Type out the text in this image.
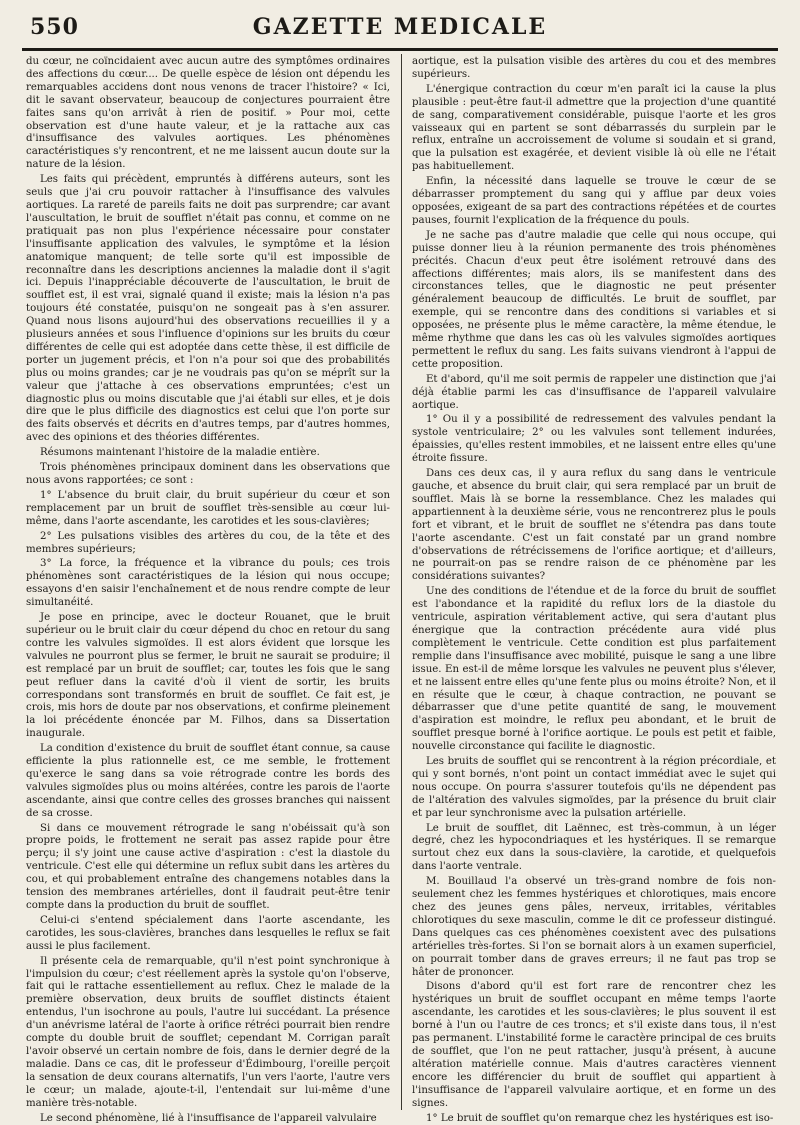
550	GAZETTE MEDICALE

du cœur, ne coïncidaient avec aucun autre des symptômes ordinaires des affections du cœur.... De quelle espèce de lésion ont dépendu les remarquables accidens dont nous venons de tracer l'histoire? « Ici, dit le savant observateur, beaucoup de conjectures pourraient être faites sans qu'on arrivât à rien de positif. » Pour moi, cette observation est d'une haute valeur, et je la rattache aux cas d'insuffisance des valvules aortiques. Les phénomènes caractéristiques s'y rencontrent, et ne me laissent aucun doute sur la nature de la lésion.

Les faits qui précèdent, empruntés à différens auteurs, sont les seuls que j'ai cru pouvoir rattacher à l'insuffisance des valvules aortiques. La rareté de pareils faits ne doit pas surprendre; car avant l'auscultation, le bruit de soufflet n'était pas connu, et comme on ne pratiquait pas non plus l'expérience nécessaire pour constater l'insuffisante application des valvules, le symptôme et la lésion anatomique manquent; de telle sorte qu'il est impossible de reconnaître dans les descriptions anciennes la maladie dont il s'agit ici. Depuis l'inappréciable découverte de l'auscultation, le bruit de soufflet est, il est vrai, signalé quand il existe; mais la lésion n'a pas toujours été constatée, puisqu'on ne songeait pas à s'en assurer. Quand nous lisons aujourd'hui des observations recueillies il y a plusieurs années et sous l'influence d'opinions sur les bruits du cœur différentes de celle qui est adoptée dans cette thèse, il est difficile de porter un jugement précis, et l'on n'a pour soi que des probabilités plus ou moins grandes; car je ne voudrais pas qu'on se méprît sur la valeur que j'attache à ces observations empruntées; c'est un diagnostic plus ou moins discutable que j'ai établi sur elles, et je dois dire que le plus difficile des diagnostics est celui que l'on porte sur des faits observés et décrits en d'autres temps, par d'autres hommes, avec des opinions et des théories différentes.

Résumons maintenant l'histoire de la maladie entière.

Trois phénomènes principaux dominent dans les observations que nous avons rapportées; ce sont :

1° L'absence du bruit clair, du bruit supérieur du cœur et son remplacement par un bruit de soufflet très-sensible au cœur lui-même, dans l'aorte ascendante, les carotides et les sous-clavières;

2° Les pulsations visibles des artères du cou, de la tête et des membres supérieurs;

3° La force, la fréquence et la vibrance du pouls; ces trois phénomènes sont caractéristiques de la lésion qui nous occupe; essayons d'en saisir l'enchaînement et de nous rendre compte de leur simultanéité.

Je pose en principe, avec le docteur Rouanet, que le bruit supérieur ou le bruit clair du cœur dépend du choc en retour du sang contre les valvules sigmoïdes. Il est alors évident que lorsque les valvules ne pourront plus se fermer, le bruit ne saurait se produire; il est remplacé par un bruit de soufflet; car, toutes les fois que le sang peut refluer dans la cavité d'où il vient de sortir, les bruits correspondans sont transformés en bruit de soufflet. Ce fait est, je crois, mis hors de doute par nos observations, et confirme pleinement la loi précédente énoncée par M. Filhos, dans sa Dissertation inaugurale.

La condition d'existence du bruit de soufflet étant connue, sa cause efficiente la plus rationnelle est, ce me semble, le frottement qu'exerce le sang dans sa voie rétrograde contre les bords des valvules sigmoïdes plus ou moins altérées, contre les parois de l'aorte ascendante, ainsi que contre celles des grosses branches qui naissent de sa crosse.

Si dans ce mouvement rétrograde le sang n'obéissait qu'à son propre poids, le frottement ne serait pas assez rapide pour être perçu; il s'y joint une cause active d'aspiration : c'est la diastole du ventricule. C'est elle qui détermine un reflux subit dans les artères du cou, et qui probablement entraîne des changemens notables dans la tension des membranes artérielles, dont il faudrait peut-être tenir compte dans la production du bruit de soufflet.

Celui-ci s'entend spécialement dans l'aorte ascendante, les carotides, les sous-clavières, branches dans lesquelles le reflux se fait aussi le plus facilement.

Il présente cela de remarquable, qu'il n'est point synchronique à l'impulsion du cœur; c'est réellement après la systole qu'on l'observe, fait qui le rattache essentiellement au reflux. Chez le malade de la première observation, deux bruits de soufflet distincts étaient entendus, l'un isochrone au pouls, l'autre lui succédant. La présence d'un anévrisme latéral de l'aorte à orifice rétréci pourrait bien rendre compte du double bruit de soufflet; cependant M. Corrigan paraît l'avoir observé un certain nombre de fois, dans le dernier degré de la maladie. Dans ce cas, dit le professeur d'Édimbourg, l'oreille perçoit la sensation de deux courans alternatifs, l'un vers l'aorte, l'autre vers le cœur; un malade, ajoute-t-il, l'entendait sur lui-même d'une manière très-notable.

Le second phénomène, lié à l'insuffisance de l'appareil valvulaire

aortique, est la pulsation visible des artères du cou et des membres supérieurs.

L'énergique contraction du cœur m'en paraît ici la cause la plus plausible : peut-être faut-il admettre que la projection d'une quantité de sang, comparativement considérable, puisque l'aorte et les gros vaisseaux qui en partent se sont débarrassés du surplein par le reflux, entraîne un accroissement de volume si soudain et si grand, que la pulsation est exagérée, et devient visible là où elle ne l'était pas habituellement.

Enfin, la nécessité dans laquelle se trouve le cœur de se débarrasser promptement du sang qui y afflue par deux voies opposées, exigeant de sa part des contractions répétées et de courtes pauses, fournit l'explication de la fréquence du pouls.

Je ne sache pas d'autre maladie que celle qui nous occupe, qui puisse donner lieu à la réunion permanente des trois phénomènes précités. Chacun d'eux peut être isolément retrouvé dans des affections différentes; mais alors, ils se manifestent dans des circonstances telles, que le diagnostic ne peut présenter généralement beaucoup de difficultés. Le bruit de soufflet, par exemple, qui se rencontre dans des conditions si variables et si opposées, ne présente plus le même caractère, la même étendue, le même rhythme que dans les cas où les valvules sigmoïdes aortiques permettent le reflux du sang. Les faits suivans viendront à l'appui de cette proposition.

Et d'abord, qu'il me soit permis de rappeler une distinction que j'ai déjà établie parmi les cas d'insuffisance de l'appareil valvulaire aortique.

1° Ou il y a possibilité de redressement des valvules pendant la systole ventriculaire; 2° ou les valvules sont tellement indurées, épaissies, qu'elles restent immobiles, et ne laissent entre elles qu'une étroite fissure.

Dans ces deux cas, il y aura reflux du sang dans le ventricule gauche, et absence du bruit clair, qui sera remplacé par un bruit de soufflet. Mais là se borne la ressemblance. Chez les malades qui appartiennent à la deuxième série, vous ne rencontrerez plus le pouls fort et vibrant, et le bruit de soufflet ne s'étendra pas dans toute l'aorte ascendante. C'est un fait constaté par un grand nombre d'observations de rétrécissemens de l'orifice aortique; et d'ailleurs, ne pourrait-on pas se rendre raison de ce phénomène par les considérations suivantes?

Une des conditions de l'étendue et de la force du bruit de soufflet est l'abondance et la rapidité du reflux lors de la diastole du ventricule, aspiration véritablement active, qui sera d'autant plus énergique que la contraction précédente aura vidé plus complètement le ventricule. Cette condition est plus parfaitement remplie dans l'insuffisance avec mobilité, puisque le sang a une libre issue. En est-il de même lorsque les valvules ne peuvent plus s'élever, et ne laissent entre elles qu'une fente plus ou moins étroite? Non, et il en résulte que le cœur, à chaque contraction, ne pouvant se débarrasser que d'une petite quantité de sang, le mouvement d'aspiration est moindre, le reflux peu abondant, et le bruit de soufflet presque borné à l'orifice aortique. Le pouls est petit et faible, nouvelle circonstance qui facilite le diagnostic.

Les bruits de soufflet qui se rencontrent à la région précordiale, et qui y sont bornés, n'ont point un contact immédiat avec le sujet qui nous occupe. On pourra s'assurer toutefois qu'ils ne dépendent pas de l'altération des valvules sigmoïdes, par la présence du bruit clair et par leur synchronisme avec la pulsation artérielle.

Le bruit de soufflet, dit Laënnec, est très-commun, à un léger degré, chez les hypocondriaques et les hystériques. Il se remarque surtout chez eux dans la sous-clavière, la carotide, et quelquefois dans l'aorte ventrale.

M. Bouillaud l'a observé un très-grand nombre de fois non-seulement chez les femmes hystériques et chlorotiques, mais encore chez des jeunes gens pâles, nerveux, irritables, véritables chlorotiques du sexe masculin, comme le dit ce professeur distingué. Dans quelques cas ces phénomènes coexistent avec des pulsations artérielles très-fortes. Si l'on se bornait alors à un examen superficiel, on pourrait tomber dans de graves erreurs; il ne faut pas trop se hâter de prononcer.

Disons d'abord qu'il est fort rare de rencontrer chez les hystériques un bruit de soufflet occupant en même temps l'aorte ascendante, les carotides et les sous-clavières; le plus souvent il est borné à l'un ou l'autre de ces troncs; et s'il existe dans tous, il n'est pas permanent. L'instabilité forme le caractère principal de ces bruits de soufflet, que l'on ne peut rattacher, jusqu'à présent, à aucune altération matérielle connue. Mais d'autres caractères viennent encore les différencier du bruit de soufflet qui appartient à l'insuffisance de l'appareil valvulaire aortique, et en forme un des signes.

1° Le bruit de soufflet qu'on remarque chez les hystériques est iso-
